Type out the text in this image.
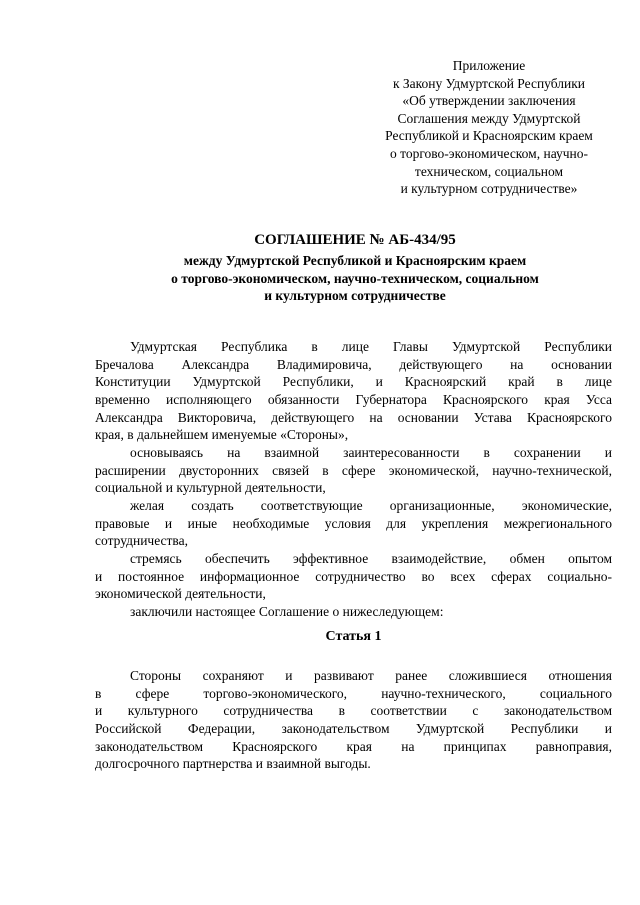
Приложение
к Закону Удмуртской Республики
«Об утверждении заключения
Соглашения между Удмуртской
Республикой и Красноярским краем
о торгово-экономическом, научно-
техническом, социальном
и культурном сотрудничестве»
СОГЛАШЕНИЕ № АБ-434/95
между Удмуртской Республикой и Красноярским краем
о торгово-экономическом, научно-техническом, социальном
и культурном сотрудничестве
Удмуртская Республика в лице Главы Удмуртской Республики
Бречалова Александра Владимировича, действующего на основании
Конституции Удмуртской Республики, и Красноярский край в лице
временно исполняющего обязанности Губернатора Красноярского края Усса
Александра Викторовича, действующего на основании Устава Красноярского
края, в дальнейшем именуемые «Стороны»,
основываясь на взаимной заинтересованности в сохранении и
расширении двусторонних связей в сфере экономической, научно-технической,
социальной и культурной деятельности,
желая создать соответствующие организационные, экономические,
правовые и иные необходимые условия для укрепления межрегионального
сотрудничества,
стремясь обеспечить эффективное взаимодействие, обмен опытом
и постоянное информационное сотрудничество во всех сферах социально-
экономической деятельности,
заключили настоящее Соглашение о нижеследующем:
Статья 1
Стороны сохраняют и развивают ранее сложившиеся отношения
в сфере торгово-экономического, научно-технического, социального
и культурного сотрудничества в соответствии с законодательством
Российской Федерации, законодательством Удмуртской Республики и
законодательством Красноярского края на принципах равноправия,
долгосрочного партнерства и взаимной выгоды.
